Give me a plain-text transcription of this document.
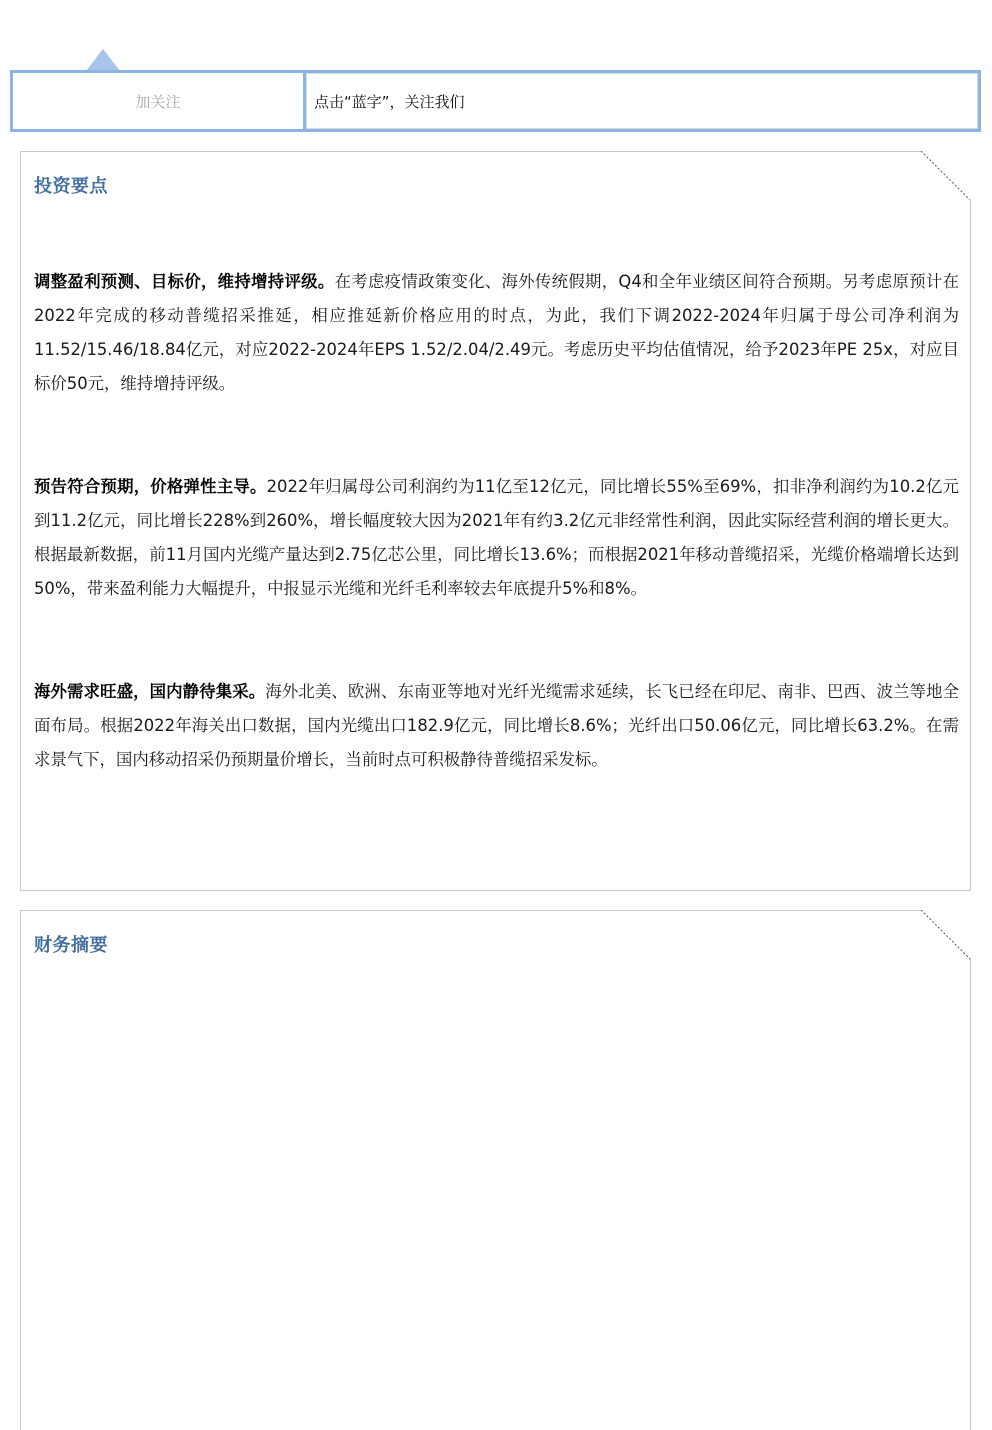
加关注	点击“蓝字”，关注我们
投资要点

调整盈利预测、目标价，维持增持评级。在考虑疫情政策变化、海外传统假期，Q4和全年业绩区间符合预期。另考虑原预计在2022年完成的移动普缆招采推延，相应推延新价格应用的时点，为此，我们下调2022-2024年归属于母公司净利润为11.52/15.46/18.84亿元，对应2022-2024年EPS 1.52/2.04/2.49元。考虑历史平均估值情况，给予2023年PE 25x，对应目标价50元，维持增持评级。

预告符合预期，价格弹性主导。2022年归属母公司利润约为11亿至12亿元，同比增长55%至69%，扣非净利润约为10.2亿元到11.2亿元，同比增长228%到260%，增长幅度较大因为2021年有约3.2亿元非经常性利润，因此实际经营利润的增长更大。根据最新数据，前11月国内光缆产量达到2.75亿芯公里，同比增长13.6%；而根据2021年移动普缆招采，光缆价格端增长达到50%，带来盈利能力大幅提升，中报显示光缆和光纤毛利率较去年底提升5%和8%。

海外需求旺盛，国内静待集采。海外北美、欧洲、东南亚等地对光纤光缆需求延续，长飞已经在印尼、南非、巴西、波兰等地全面布局。根据2022年海关出口数据，国内光缆出口182.9亿元，同比增长8.6%；光纤出口50.06亿元，同比增长63.2%。在需求景气下，国内移动招采仍预期量价增长，当前时点可积极静待普缆招采发标。

财务摘要
